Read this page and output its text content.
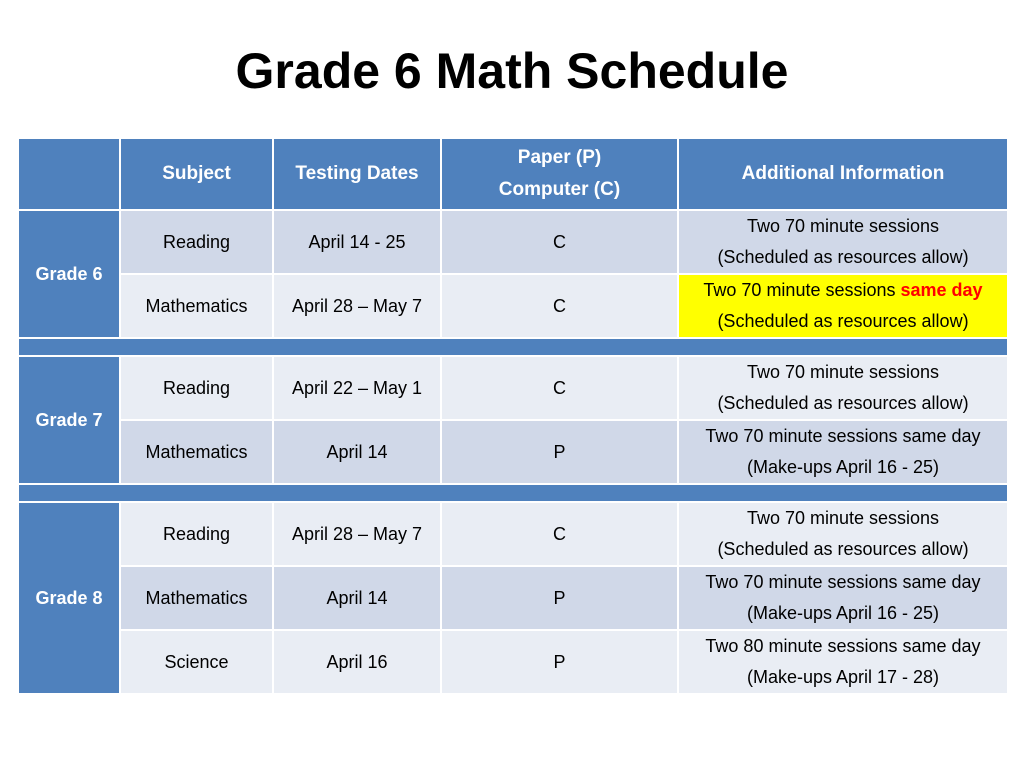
Grade 6 Math Schedule
	Subject	Testing Dates	Paper (P)
Computer (C)	Additional Information
Grade 6	Reading	April 14 - 25	C	Two 70 minute sessions
(Scheduled as resources allow)

	Mathematics	April 28 – May 7	C	Two 70 minute sessions same day
(Scheduled as resources allow)

Grade 7	Reading	April 22 – May 1	C	Two 70 minute sessions
(Scheduled as resources allow)

	Mathematics	April 14	P	Two 70 minute sessions same day
(Make-ups April 16 - 25)

Grade 8	Reading	April 28 – May 7	C	Two 70 minute sessions
(Scheduled as resources allow)

	Mathematics	April 14	P	Two 70 minute sessions same day
(Make-ups April 16 - 25)

	Science	April 16	P	Two 80 minute sessions same day
(Make-ups April 17 - 28)
